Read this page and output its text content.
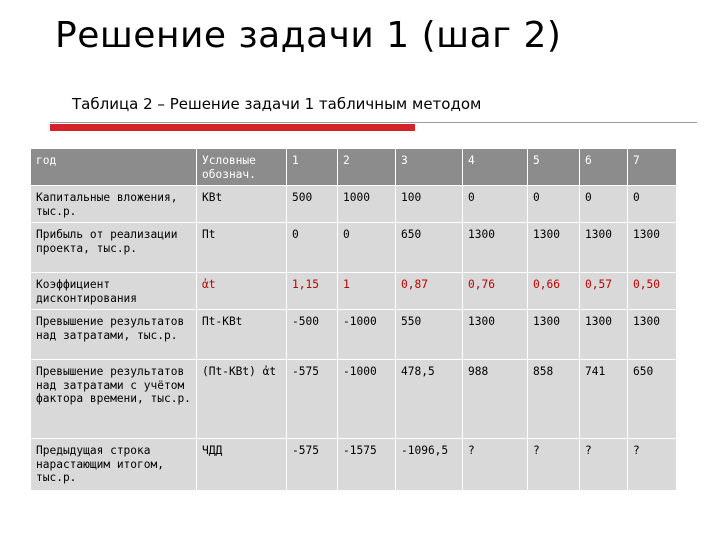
Решение задачи 1 (шаг 2)
Таблица 2 – Решение задачи 1 табличным методом
год	Условные обознач.	1	2	3	4	5	6	7
Капитальные вложения, тыс.р.	KBt	500	1000	100	0	0	0	0
Прибыль от реализации проекта, тыс.р.	Пt	0	0	650	1300	1300	1300	1300
Коэффициент дисконтирования	ἀt	1,15	1	0,87	0,76	0,66	0,57	0,50
Превышение результатов над затратами, тыс.р.	Пt-KBt	-500	-1000	550	1300	1300	1300	1300
Превышение результатов над затратами с учётом фактора времени, тыс.р.	(Пt-KBt) ἀt	-575	-1000	478,5	988	858	741	650
Предыдущая строка нарастающим итогом, тыс.р.	ЧДД	-575	-1575	-1096,5	?	?	?	?
